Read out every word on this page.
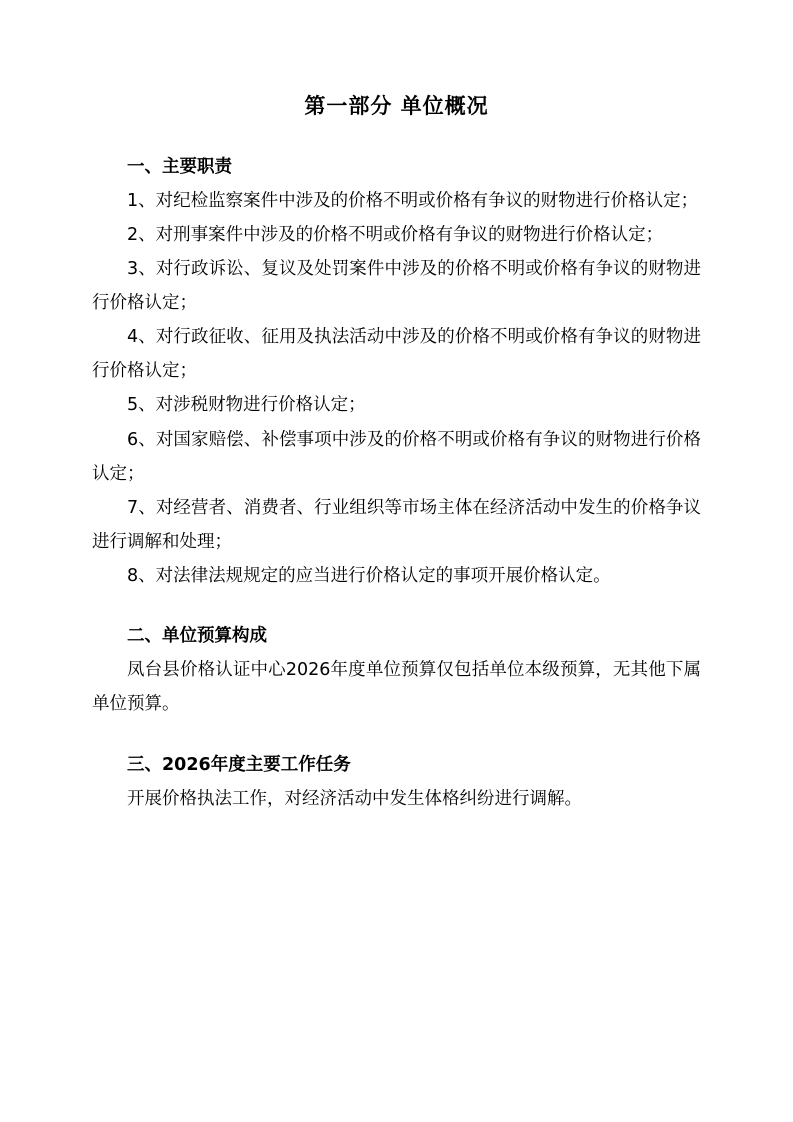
第一部分 单位概况

一、主要职责

1、对纪检监察案件中涉及的价格不明或价格有争议的财物进行价格认定；

2、对刑事案件中涉及的价格不明或价格有争议的财物进行价格认定；

3、对行政诉讼、复议及处罚案件中涉及的价格不明或价格有争议的财物进行价格认定；

4、对行政征收、征用及执法活动中涉及的价格不明或价格有争议的财物进行价格认定；

5、对涉税财物进行价格认定；

6、对国家赔偿、补偿事项中涉及的价格不明或价格有争议的财物进行价格认定；

7、对经营者、消费者、行业组织等市场主体在经济活动中发生的价格争议进行调解和处理；

8、对法律法规规定的应当进行价格认定的事项开展价格认定。

二、单位预算构成

凤台县价格认证中心2026年度单位预算仅包括单位本级预算，无其他下属单位预算。

三、2026年度主要工作任务

开展价格执法工作，对经济活动中发生体格纠纷进行调解。
